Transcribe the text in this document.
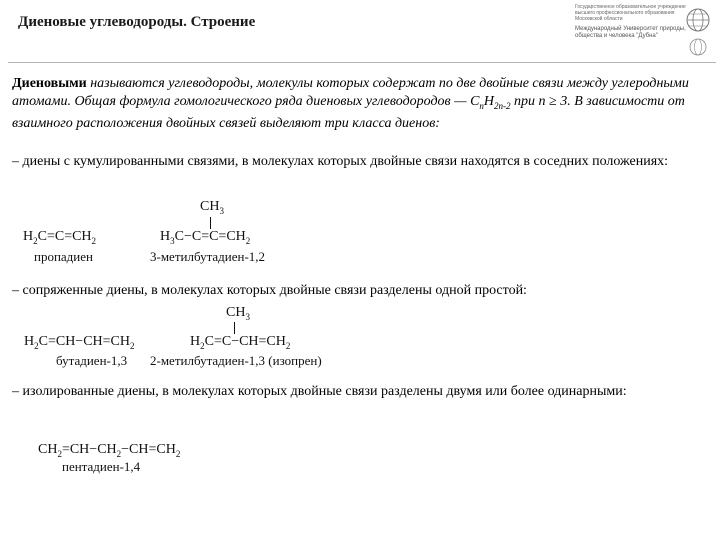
Диеновые углеводороды. Строение
Государственное образовательное учреждение высшего профессионального образования Московской области
Международный Университет природы, общества и человека "Дубна"
Диеновыми называются углеводороды, молекулы которых содержат по две двойные связи между углеродными атомами. Общая формула гомологического ряда диеновых углеводородов — $C_nH_{2n-2}$ при n ≥ 3. В зависимости от взаимного расположения двойных связей выделяют три класса диенов:
– диены с кумулированными связями, в молекулах которых двойные связи находятся в соседних положениях:
$H_2C=C=CH_2$
пропадиен
$CH_3$
$H_3C-C=C=CH_2$
3-метилбутадиен-1,2
– сопряженные диены, в молекулах которых двойные связи разделены одной простой:
$H_2C=CH-CH=CH_2$
бутадиен-1,3
$CH_3$
$H_2C=C-CH=CH_2$
2-метилбутадиен-1,3 (изопрен)
– изолированные диены, в молекулах которых двойные связи разделены двумя или более одинарными:
$CH_2=CH-CH_2-CH=CH_2$
пентадиен-1,4
